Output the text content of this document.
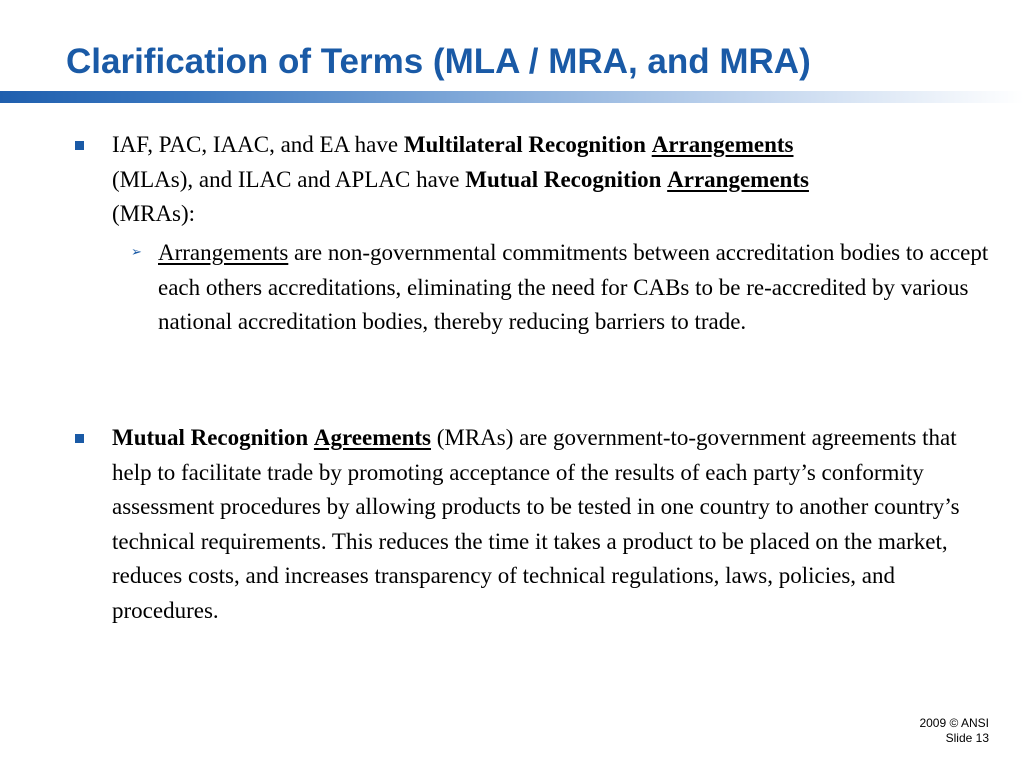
Clarification of Terms (MLA / MRA, and MRA)
IAF, PAC, IAAC, and EA have Multilateral Recognition Arrangements
(MLAs), and ILAC and APLAC have Mutual Recognition Arrangements
(MRAs):
➢ Arrangements are non-governmental commitments between accreditation bodies to accept each others accreditations, eliminating the need for CABs to be re-accredited by various national accreditation bodies, thereby reducing barriers to trade.
Mutual Recognition Agreements (MRAs) are government-to-government agreements that help to facilitate trade by promoting acceptance of the results of each party’s conformity assessment procedures by allowing products to be tested in one country to another country’s technical requirements. This reduces the time it takes a product to be placed on the market, reduces costs, and increases transparency of technical regulations, laws, policies, and procedures.
2009 © ANSI
Slide 13
